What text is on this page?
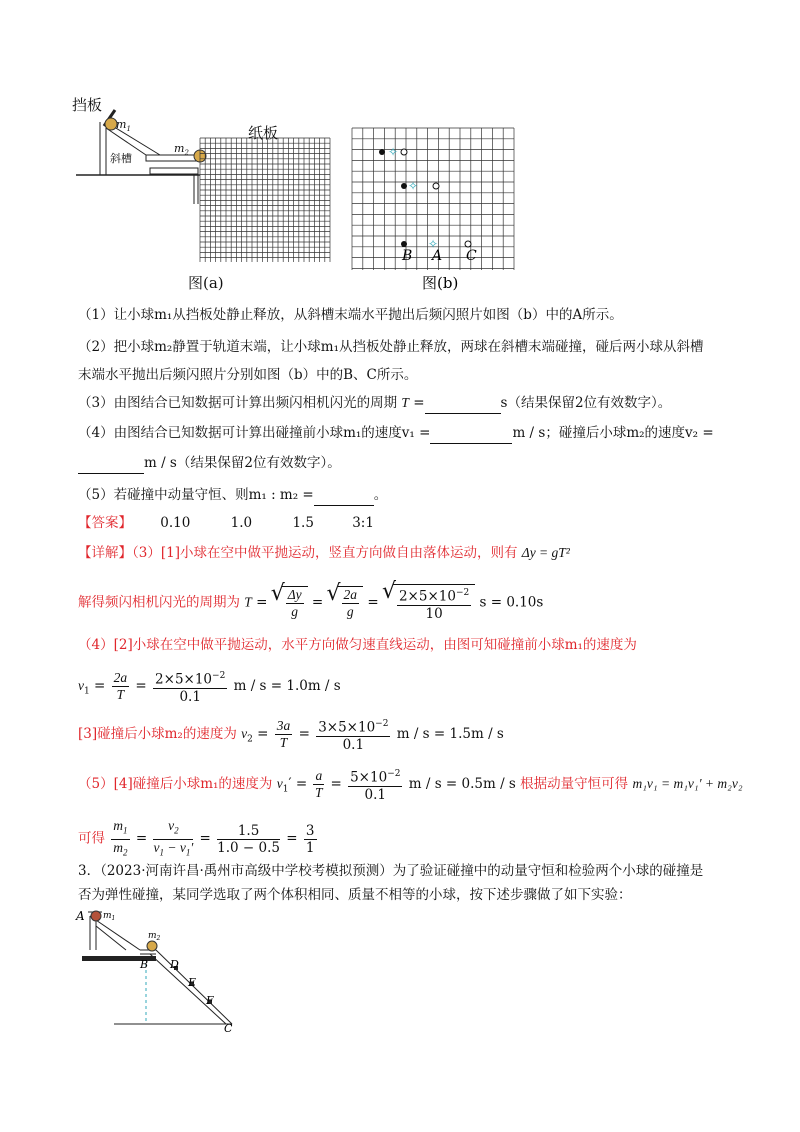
挡板
$m_1$
$m_2$
斜槽
纸板
图(a)
✧
✧
✧
B A C
图(b)
（1）让小球m₁从挡板处静止释放，从斜槽末端水平抛出后频闪照片如图（b）中的A所示。
（2）把小球m₂静置于轨道末端，让小球m₁从挡板处静止释放，两球在斜槽末端碰撞，碰后两小球从斜槽
末端水平抛出后频闪照片分别如图（b）中的B、C所示。
（3）由图结合已知数据可计算出频闪相机闪光的周期 T =	s（结果保留2位有效数字）。
（4）由图结合已知数据可计算出碰撞前小球m₁的速度v₁ =	m / s；碰撞后小球m₂的速度v₂ =
m / s（结果保留2位有效数字）。
（5）若碰撞中动量守恒、则m₁ : m₂ =	。
【答案】 0.10	1.0	1.5	3:1
【详解】（3）[1]小球在空中做平抛运动，竖直方向做自由落体运动，则有 Δy = gT²
解得频闪相机闪光的周期为 T = √ $\frac{\Delta y}{g}$ = √ $\frac{2a}{g}$ = √ $\frac{2\times 5\times 10^{-2}}{10}$ s = 0.10s
（4）[2]小球在空中做平抛运动，水平方向做匀速直线运动，由图可知碰撞前小球m₁的速度为
$v_1 = \frac{2a}{T} = \frac{2\times 5\times 10^{-2}}{0.1}$ m / s = 1.0m / s
[3]碰撞后小球m₂的速度为 $v_2 = \frac{3a}{T} = \frac{3\times 5\times 10^{-2}}{0.1}$ m / s = 1.5m / s
（5）[4]碰撞后小球m₁的速度为 $v_1' = \frac{a}{T} = \frac{5\times 10^{-2}}{0.1}$ m / s = 0.5m / s 根据动量守恒可得 m₁v₁ = m₁v₁′ + m₂v₂
可得 $\frac{m_1}{m_2} = \frac{v_2}{v_1 - v_1'} = \frac{1.5}{1.0 - 0.5} = \frac{3}{1}$
3．（2023·河南许昌·禹州市高级中学校考模拟预测）为了验证碰撞中的动量守恒和检验两个小球的碰撞是
否为弹性碰撞，某同学选取了两个体积相同、质量不相等的小球，按下述步骤做了如下实验：
A $m_1$
$m_2$
B D
E
F
C
